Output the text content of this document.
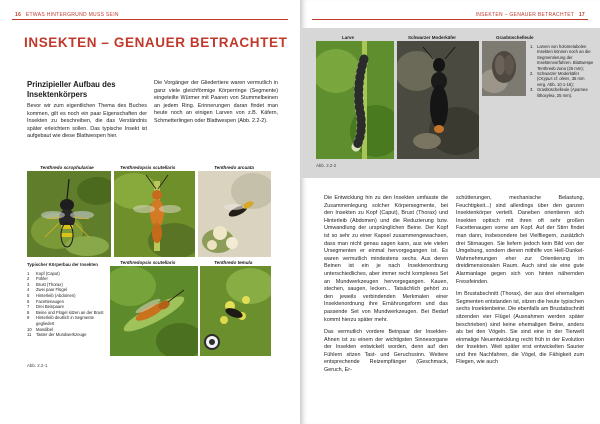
16 ETWAS HINTERGRUND MUSS SEIN
INSEKTEN – GENAUER BETRACHTET
Prinzipieller Aufbau des Insektenkörpers
Bevor wir zum eigentlichen Thema des Buches kommen, gilt es noch ein paar Eigenschaften der Insekten zu beschreiben, die das Verständnis später erleichtern sollen. Das typische Insekt ist aufgebaut wie diese Blattwespen hier.
Die Vorgänger der Gliedertiere waren vermutlich in ganz viele gleichförmige Körperringe (Segmente) eingeteilte Würmer mit Paaren von Stummelbeinen an jedem Ring. Erinnerungen daran findet man heute noch an einigen Larven von z.B. Käfern, Schmetterlingen oder Blattwespen (Abb. 2.2-2).
Tenthredo scrophulariae	Tenthredopsis scutellaris	Tenthredo arcuata
Typischer Körperbau der Insekten
1	Kopf (Caput)
2	Fühler
3	Brust (Thorax)
4	Zwei paar Flügel
5	Hinterleib (Abdomen)
6	Facettenaugen
7	Drei Beinpaare
8	Beine und Flügel sitzen an der Brust
9	Hinterleib deutlich in Segmente gegliedert
10	Mandibel
11	Taster der Mundwerkzeuge
Abb. 2.2-1
Tenthredopsis scutellaris	Tenthredo temula
INSEKTEN – GENAUER BETRACHTET 17
Larve	Schwarzer Moderkäfer	Grasbüschelleule
1. Larven von holometabolen Insekten können noch an die Segmentierung der Insektenvorfahren. Blattwespe Tenthredo zona (25 mm);
2. Schwarzer Moderkäfer (Ocypus cf. olens, 35 mm verg. Abb. 10.1-16);
3. Grasbüschelleule (Apamea lithoxylea, 25 mm).
Abb. 2.2-2
Die Entwicklung hin zu den Insekten umfasste die Zusammenlegung solcher Körpersegmente, bei den Insekten zu Kopf (Caput), Brust (Thorax) und Hinterleib (Abdomen) und die Reduzierung bzw. Umwandlung der ursprünglichen Beine. Der Kopf ist so sehr zu einer Kapsel zusammengewachsen, dass man nicht genau sagen kann, aus wie vielen Ursegmenten er einmal hervorgegangen ist. Es waren vermutlich mindestens sechs. Aus deren Beinen ist ein je nach Insektenordnung unterschiedliches, aber immer recht komplexes Set an Mundwerkzeugen hervorgegangen. Kauen, stechen, saugen, lecken... Tatsächlich gehört zu den jeweils verbindenden Merkmalen einer Insektenordnung ihre Ernährungsform und das passende Set von Mundwerkzeugen. Bei Bedarf kommt hierzu später mehr.
Das vermutlich vordere Beinpaar der Insekten-Ahnen ist zu einem der wichtigsten Sinnesorgane der Insekten entwickelt worden, denn auf den Fühlern sitzen Tast- und Geruchssinn. Weitere entsprechende Reizempfänger (Geschmack, Geruch, Er-
schütterungen, mechanische Belastung, Feuchtigkeit...) sind allerdings über den ganzen Insektenkörper verteilt. Daneben orientieren sich Insekten optisch mit ihren oft sehr großen Facettenaugen vorne am Kopf. Auf der Stirn findet man dann, insbesondere bei Vielfliegern, zusätzlich drei Stirnaugen. Sie liefern jedoch kein Bild von der Umgebung, sondern dienen mithilfe von Hell-Dunkel-Wahrnehmungen eher zur Orientierung im dreidimensionalen Raum. Auch sind sie eine gute Alarmanlage gegen sich von hinten nähernden Fressfeinden.
Im Brustabschnitt (Thorax), der aus drei ehemaligen Segmenten entstanden ist, sitzen die heute typischen sechs Insektenbeine. Die ebenfalls am Brustabschnitt sitzenden vier Flügel (Ausnahmen werden später beschrieben) sind keine ehemaligen Beine, anders als bei den Vögeln. Sie sind eine in der Tierwelt einmalige Neuentwicklung recht früh in der Evolution der Insekten. Weit später erst entwickelten Saurier und ihre Nachfahren, die Vögel, die Fähigkeit zum Fliegen, wie auch
